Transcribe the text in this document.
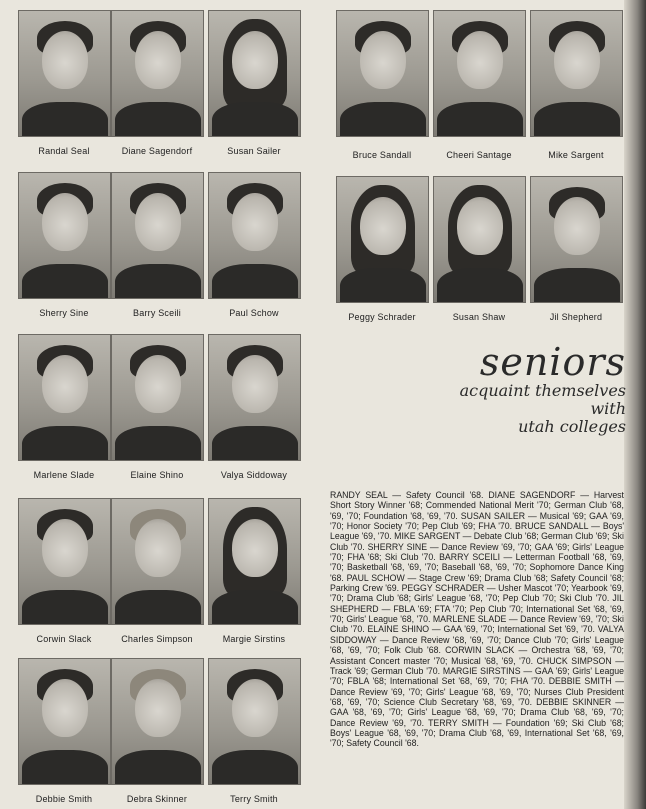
Randal Seal	Diane Sagendorf	Susan Sailer	Bruce Sandall	Cheeri Santage	Mike Sargent
Sherry Sine	Barry Sceili	Paul Schow	Peggy Schrader	Susan Shaw	Jil Shepherd
Marlene Slade	Elaine Shino	Valya Siddoway
Corwin Slack	Charles Simpson	Margie Sirstins
Debbie Smith	Debra Skinner	Terry Smith
seniors
acquaint themselves with
utah colleges
RANDY SEAL — Safety Council '68. DIANE SAGENDORF — Harvest Short Story Winner '68; Commended National Merit '70; German Club '68, '69, '70; Foundation '68, '69, '70. SUSAN SAILER — Musical '69; GAA '69, '70; Honor Society '70; Pep Club '69; FHA '70. BRUCE SANDALL — Boys' League '69, '70. MIKE SARGENT — Debate Club '68; German Club '69; Ski Club '70. SHERRY SINE — Dance Review '69, '70; GAA '69; Girls' League '70; FHA '68; Ski Club '70. BARRY SCEILI — Letterman Football '68, '69, '70; Basketball '68, '69, '70; Baseball '68, '69, '70; Sophomore Dance King '68. PAUL SCHOW — Stage Crew '69; Drama Club '68; Safety Council '68; Parking Crew '69. PEGGY SCHRADER — Usher Mascot '70; Yearbook '69, '70; Drama Club '68; Girls' League '68, '70; Pep Club '70; Ski Club '70. JIL SHEPHERD — FBLA '69; FTA '70; Pep Club '70; International Set '68, '69, '70; Girls' League '68, '70. MARLENE SLADE — Dance Review '69, '70; Ski Club '70. ELAINE SHINO — GAA '69, '70; International Set '69, '70. VALYA SIDDOWAY — Dance Review '68, '69, '70; Dance Club '70; Girls' League '68, '69, '70; Folk Club '68. CORWIN SLACK — Orchestra '68, '69, '70; Assistant Concert master '70; Musical '68, '69, '70. CHUCK SIMPSON — Track '69; German Club '70. MARGIE SIRSTINS — GAA '69; Girls' League '70; FBLA '68; International Set '68, '69, '70; FHA '70. DEBBIE SMITH — Dance Review '69, '70; Girls' League '68, '69, '70; Nurses Club President '68, '69, '70; Science Club Secretary '68, '69, '70. DEBBIE SKINNER — GAA '68, '69, '70; Girls' League '68, '69, '70; Drama Club '68, '69, '70; Dance Review '69, '70. TERRY SMITH — Foundation '69; Ski Club '68; Boys' League '68, '69, '70; Drama Club '68, '69, International Set '68, '69, '70; Safety Council '68.
